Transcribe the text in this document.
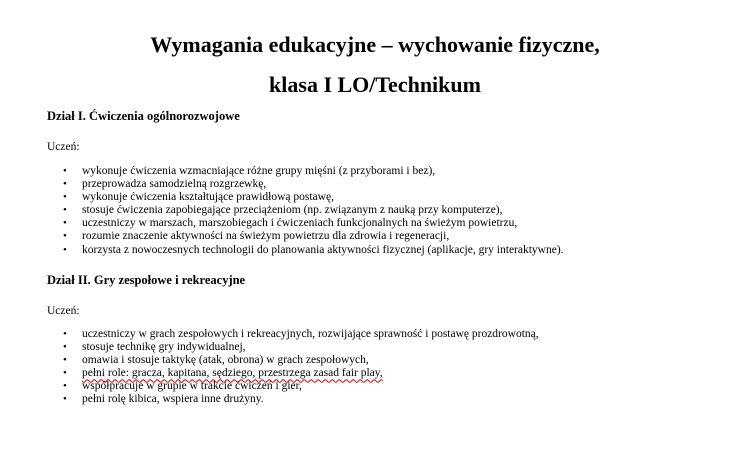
Wymagania edukacyjne – wychowanie fizyczne,
klasa I LO/Technikum
Dział I. Ćwiczenia ogólnorozwojowe

Uczeń:

• wykonuje ćwiczenia wzmacniające różne grupy mięśni (z przyborami i bez),
• przeprowadza samodzielną rozgrzewkę,
• wykonuje ćwiczenia kształtujące prawidłową postawę,
• stosuje ćwiczenia zapobiegające przeciążeniom (np. związanym z nauką przy komputerze),
• uczestniczy w marszach, marszobiegach i ćwiczeniach funkcjonalnych na świeżym powietrzu,
• rozumie znaczenie aktywności na świeżym powietrzu dla zdrowia i regeneracji,
• korzysta z nowoczesnych technologii do planowania aktywności fizycznej (aplikacje, gry interaktywne).
Dział II. Gry zespołowe i rekreacyjne

Uczeń:

• uczestniczy w grach zespołowych i rekreacyjnych, rozwijające sprawność i postawę prozdrowotną,
• stosuje technikę gry indywidualnej,
• omawia i stosuje taktykę (atak, obrona) w grach zespołowych,
• pełni role: gracza, kapitana, sędziego, przestrzega zasad fair play,
• współpracuje w grupie w trakcie ćwiczeń i gier,
• pełni rolę kibica, wspiera inne drużyny.
